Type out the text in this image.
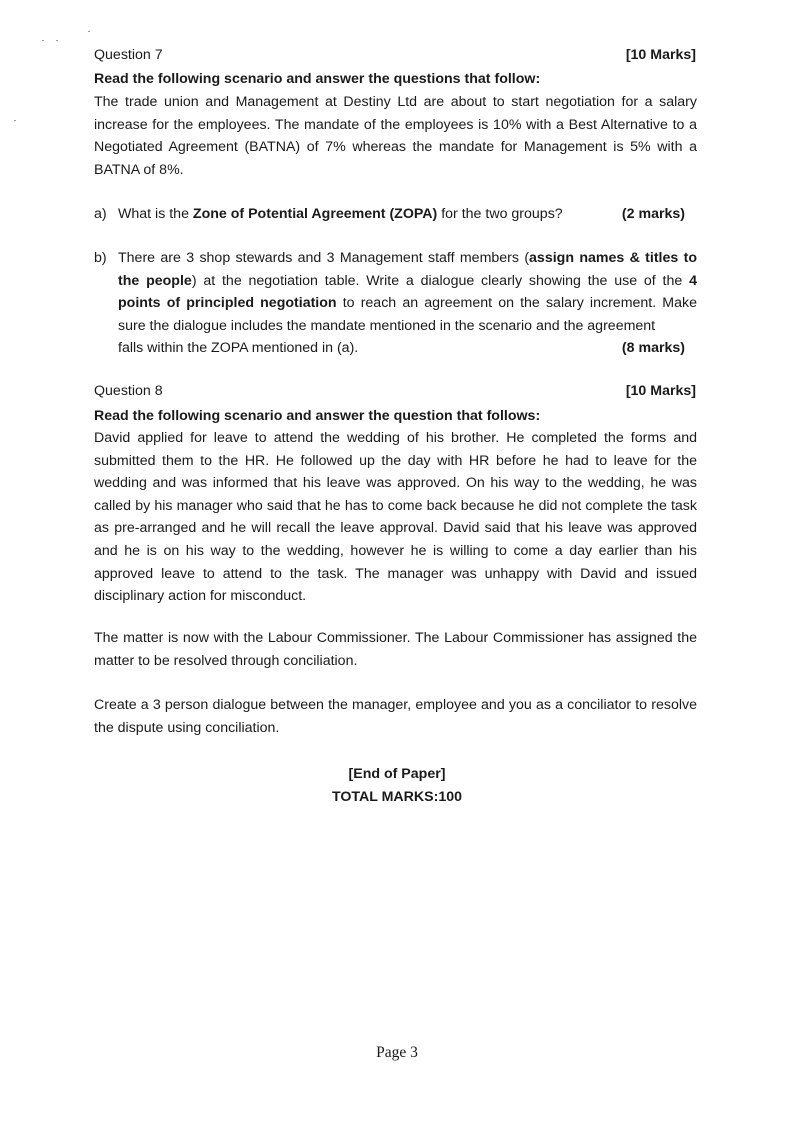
Question 7	[10 Marks]
Read the following scenario and answer the questions that follow:
The trade union and Management at Destiny Ltd are about to start negotiation for a salary increase for the employees. The mandate of the employees is 10% with a Best Alternative to a Negotiated Agreement (BATNA) of 7% whereas the mandate for Management is 5% with a BATNA of 8%.
a) What is the Zone of Potential Agreement (ZOPA) for the two groups?	(2 marks)
b) There are 3 shop stewards and 3 Management staff members (assign names & titles to the people) at the negotiation table. Write a dialogue clearly showing the use of the 4 points of principled negotiation to reach an agreement on the salary increment. Make sure the dialogue includes the mandate mentioned in the scenario and the agreement
falls within the ZOPA mentioned in (a).	(8 marks)
Question 8	[10 Marks]
Read the following scenario and answer the question that follows:
David applied for leave to attend the wedding of his brother. He completed the forms and submitted them to the HR. He followed up the day with HR before he had to leave for the wedding and was informed that his leave was approved. On his way to the wedding, he was called by his manager who said that he has to come back because he did not complete the task as pre-arranged and he will recall the leave approval. David said that his leave was approved and he is on his way to the wedding, however he is willing to come a day earlier than his approved leave to attend to the task. The manager was unhappy with David and issued disciplinary action for misconduct.
The matter is now with the Labour Commissioner. The Labour Commissioner has assigned the matter to be resolved through conciliation.
Create a 3 person dialogue between the manager, employee and you as a conciliator to resolve the dispute using conciliation.
[End of Paper]
TOTAL MARKS:100
Page 3
